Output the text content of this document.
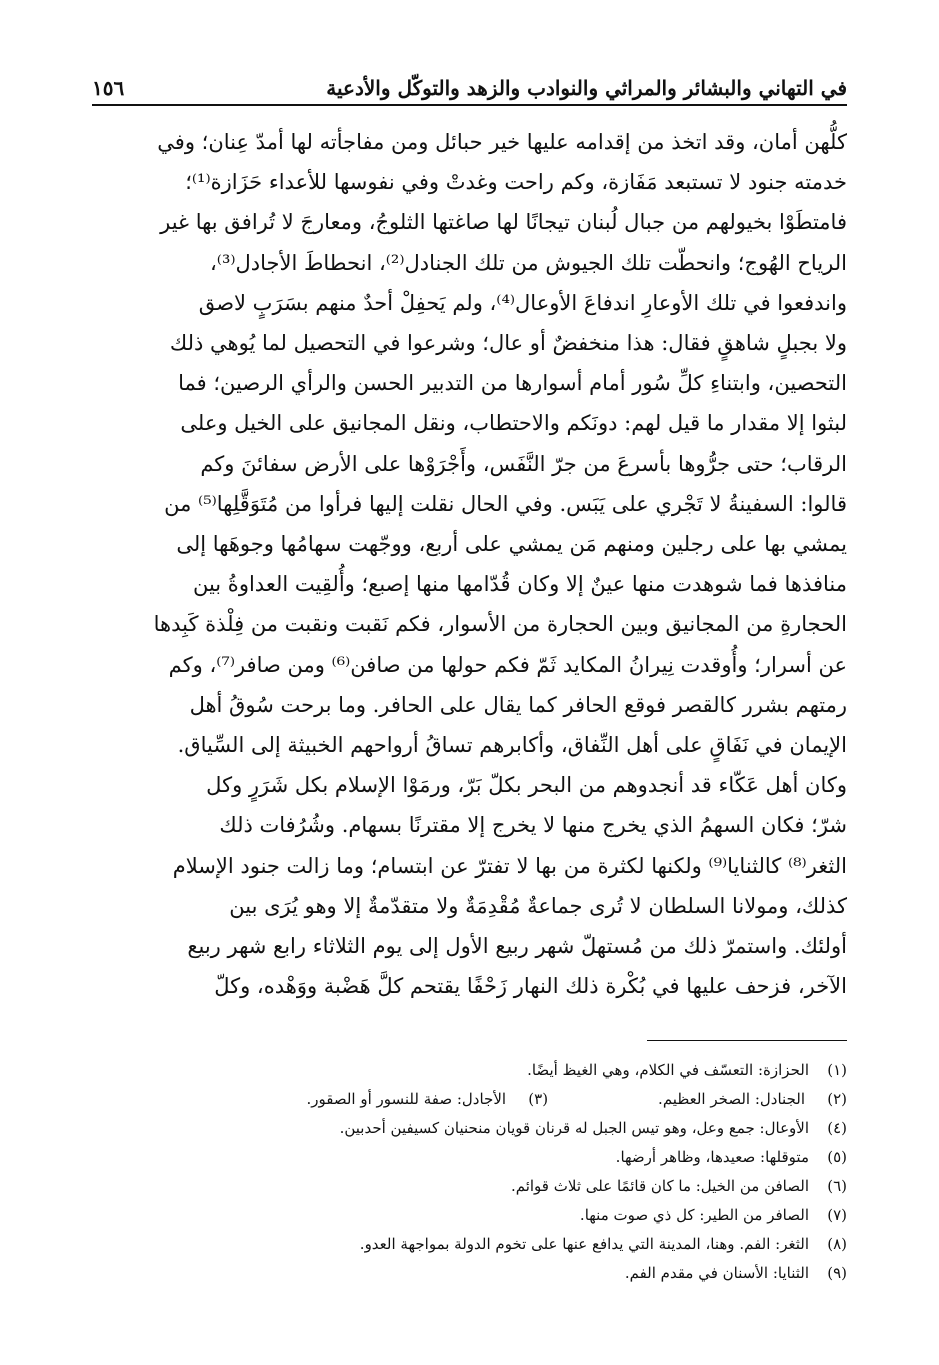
في التهاني والبشائر والمراثي والنوادب والزهد والتوكّل والأدعية
١٥٦

كلُّهن أمان، وقد اتخذ من إقدامه عليها خير حبائل ومن مفاجأته لها أمدّ عِنان؛ وفي

خدمته جنود لا تستبعد مَفَازة، وكم راحت وغدتْ وفي نفوسها للأعداء حَزَازة⁽¹⁾؛

فامتطَوْا بخيولهم من جبال لُبنان تيجانًا لها صاغتها الثلوجُ، ومعارجَ لا تُرافق بها غير

الرياح الهُوج؛ وانحطّت تلك الجيوش من تلك الجنادل⁽²⁾، انحطاطَ الأجادل⁽³⁾،

واندفعوا في تلك الأوعارِ اندفاعَ الأوعال⁽⁴⁾، ولم يَحفِلْ أحدٌ منهم بسَرَبٍ لاصق

ولا بجبلٍ شاهقٍ فقال: هذا منخفضٌ أو عال؛ وشرعوا في التحصيل لما يُوهي ذلك

التحصين، وابتناءِ كلِّ سُور أمام أسوارها من التدبير الحسن والرأي الرصين؛ فما

لبثوا إلا مقدار ما قيل لهم: دونَكم والاحتطاب، ونقل المجانيق على الخيل وعلى

الرقاب؛ حتى جرُّوها بأسرعَ من جرّ النَّفَس، وأَجْرَوْها على الأرض سفائنَ وكم

قالوا: السفينةُ لا تَجْري على يَبَس. وفي الحال نقلت إليها فرأوا من مُتَوَقَّلِها⁽⁵⁾ من

يمشي بها على رجلين ومنهم مَن يمشي على أربع، ووجّهت سهامُها وجوهَها إلى

منافذها فما شوهدت منها عينٌ إلا وكان قُدّامها منها إصبع؛ وأُلقِيت العداوةُ بين

الحجارةِ من المجانيق وبين الحجارة من الأسوار، فكم نَقبت ونقبت من فِلْذة كَبِدها

عن أسرار؛ وأُوقدت نِيرانُ المكايد ثَمّ فكم حولها من صافن⁽⁶⁾ ومن صافر⁽⁷⁾، وكم

رمتهم بشرر كالقصر فوقع الحافر كما يقال على الحافر. وما برحت سُوقُ أهل

الإيمان في نَفَاقٍ على أهل النِّفاق، وأكابرهم تساقُ أرواحهم الخبيثة إلى السِّياق.

وكان أهل عَكّاء قد أنجدوهم من البحر بكلّ بَرّ، ورمَوْا الإسلام بكل شَرَرٍ وكل

شرّ؛ فكان السهمُ الذي يخرج منها لا يخرج إلا مقترنًا بسهام. وشُرُفات ذلك

الثغر⁽⁸⁾ كالثنايا⁽⁹⁾ ولكنها لكثرة من بها لا تفترّ عن ابتسام؛ وما زالت جنود الإسلام

كذلك، ومولانا السلطان لا تُرى جماعةٌ مُقْدِمَةٌ ولا متقدّمةٌ إلا وهو يُرَى بين

أولئك. واستمرّ ذلك من مُستهلّ شهر ربيع الأول إلى يوم الثلاثاء رابع شهر ربيع

الآخر، فزحف عليها في بُكْرة ذلك النهار زَحْفًا يقتحم كلَّ هَضْبة ووَهْده، وكلّ

(١)
الحزازة: التعسّف في الكلام، وهي الغيظ أيضًا.
(٢)
الجنادل: الصخر العظيم.
(٣)
الأجادل: صفة للنسور أو الصقور.
(٤)
الأوعال: جمع وعل، وهو تيس الجبل له قرنان قويان منحنيان كسيفين أحدبين.
(٥)
متوقلها: صعيدها، وظاهر أرضها.
(٦)
الصافن من الخيل: ما كان قائمًا على ثلاث قوائم.
(٧)
الصافر من الطير: كل ذي صوت منها.
(٨)
الثغر: الفم. وهنا، المدينة التي يدافع عنها على تخوم الدولة بمواجهة العدو.
(٩)
الثنايا: الأسنان في مقدم الفم.
